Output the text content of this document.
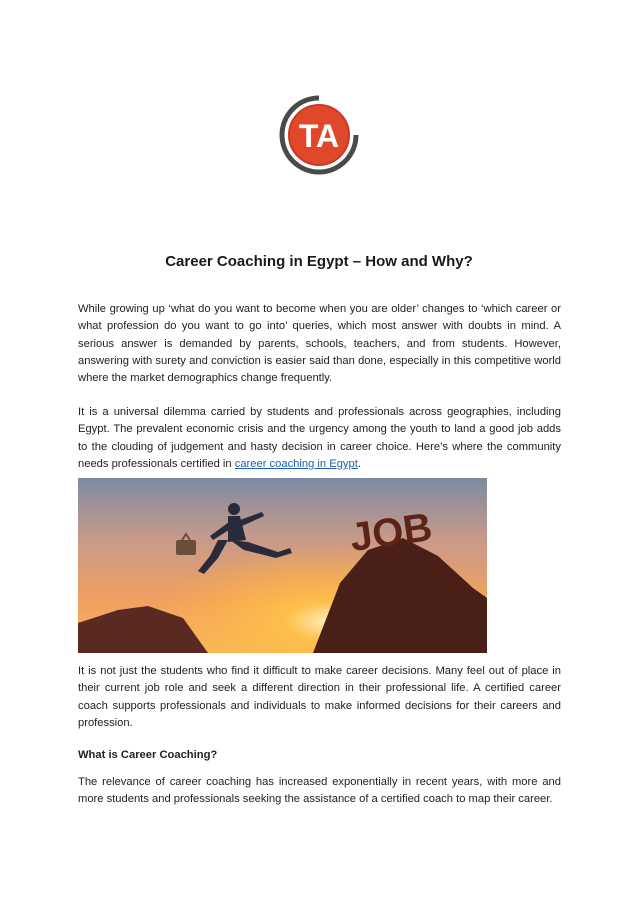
TA
Career Coaching in Egypt – How and Why?

While growing up ‘what do you want to become when you are older’ changes to ‘which career or what profession do you want to go into’ queries, which most answer with doubts in mind. A serious answer is demanded by parents, schools, teachers, and from students. However, answering with surety and conviction is easier said than done, especially in this competitive world where the market demographics change frequently.

It is a universal dilemma carried by students and professionals across geographies, including Egypt. The prevalent economic crisis and the urgency among the youth to land a good job adds to the clouding of judgement and hasty decision in career choice. Here’s where the community needs professionals certified in career coaching in Egypt.

JOB

It is not just the students who find it difficult to make career decisions. Many feel out of place in their current job role and seek a different direction in their professional life. A certified career coach supports professionals and individuals to make informed decisions for their careers and profession.

What is Career Coaching?

The relevance of career coaching has increased exponentially in recent years, with more and more students and professionals seeking the assistance of a certified coach to map their career.
